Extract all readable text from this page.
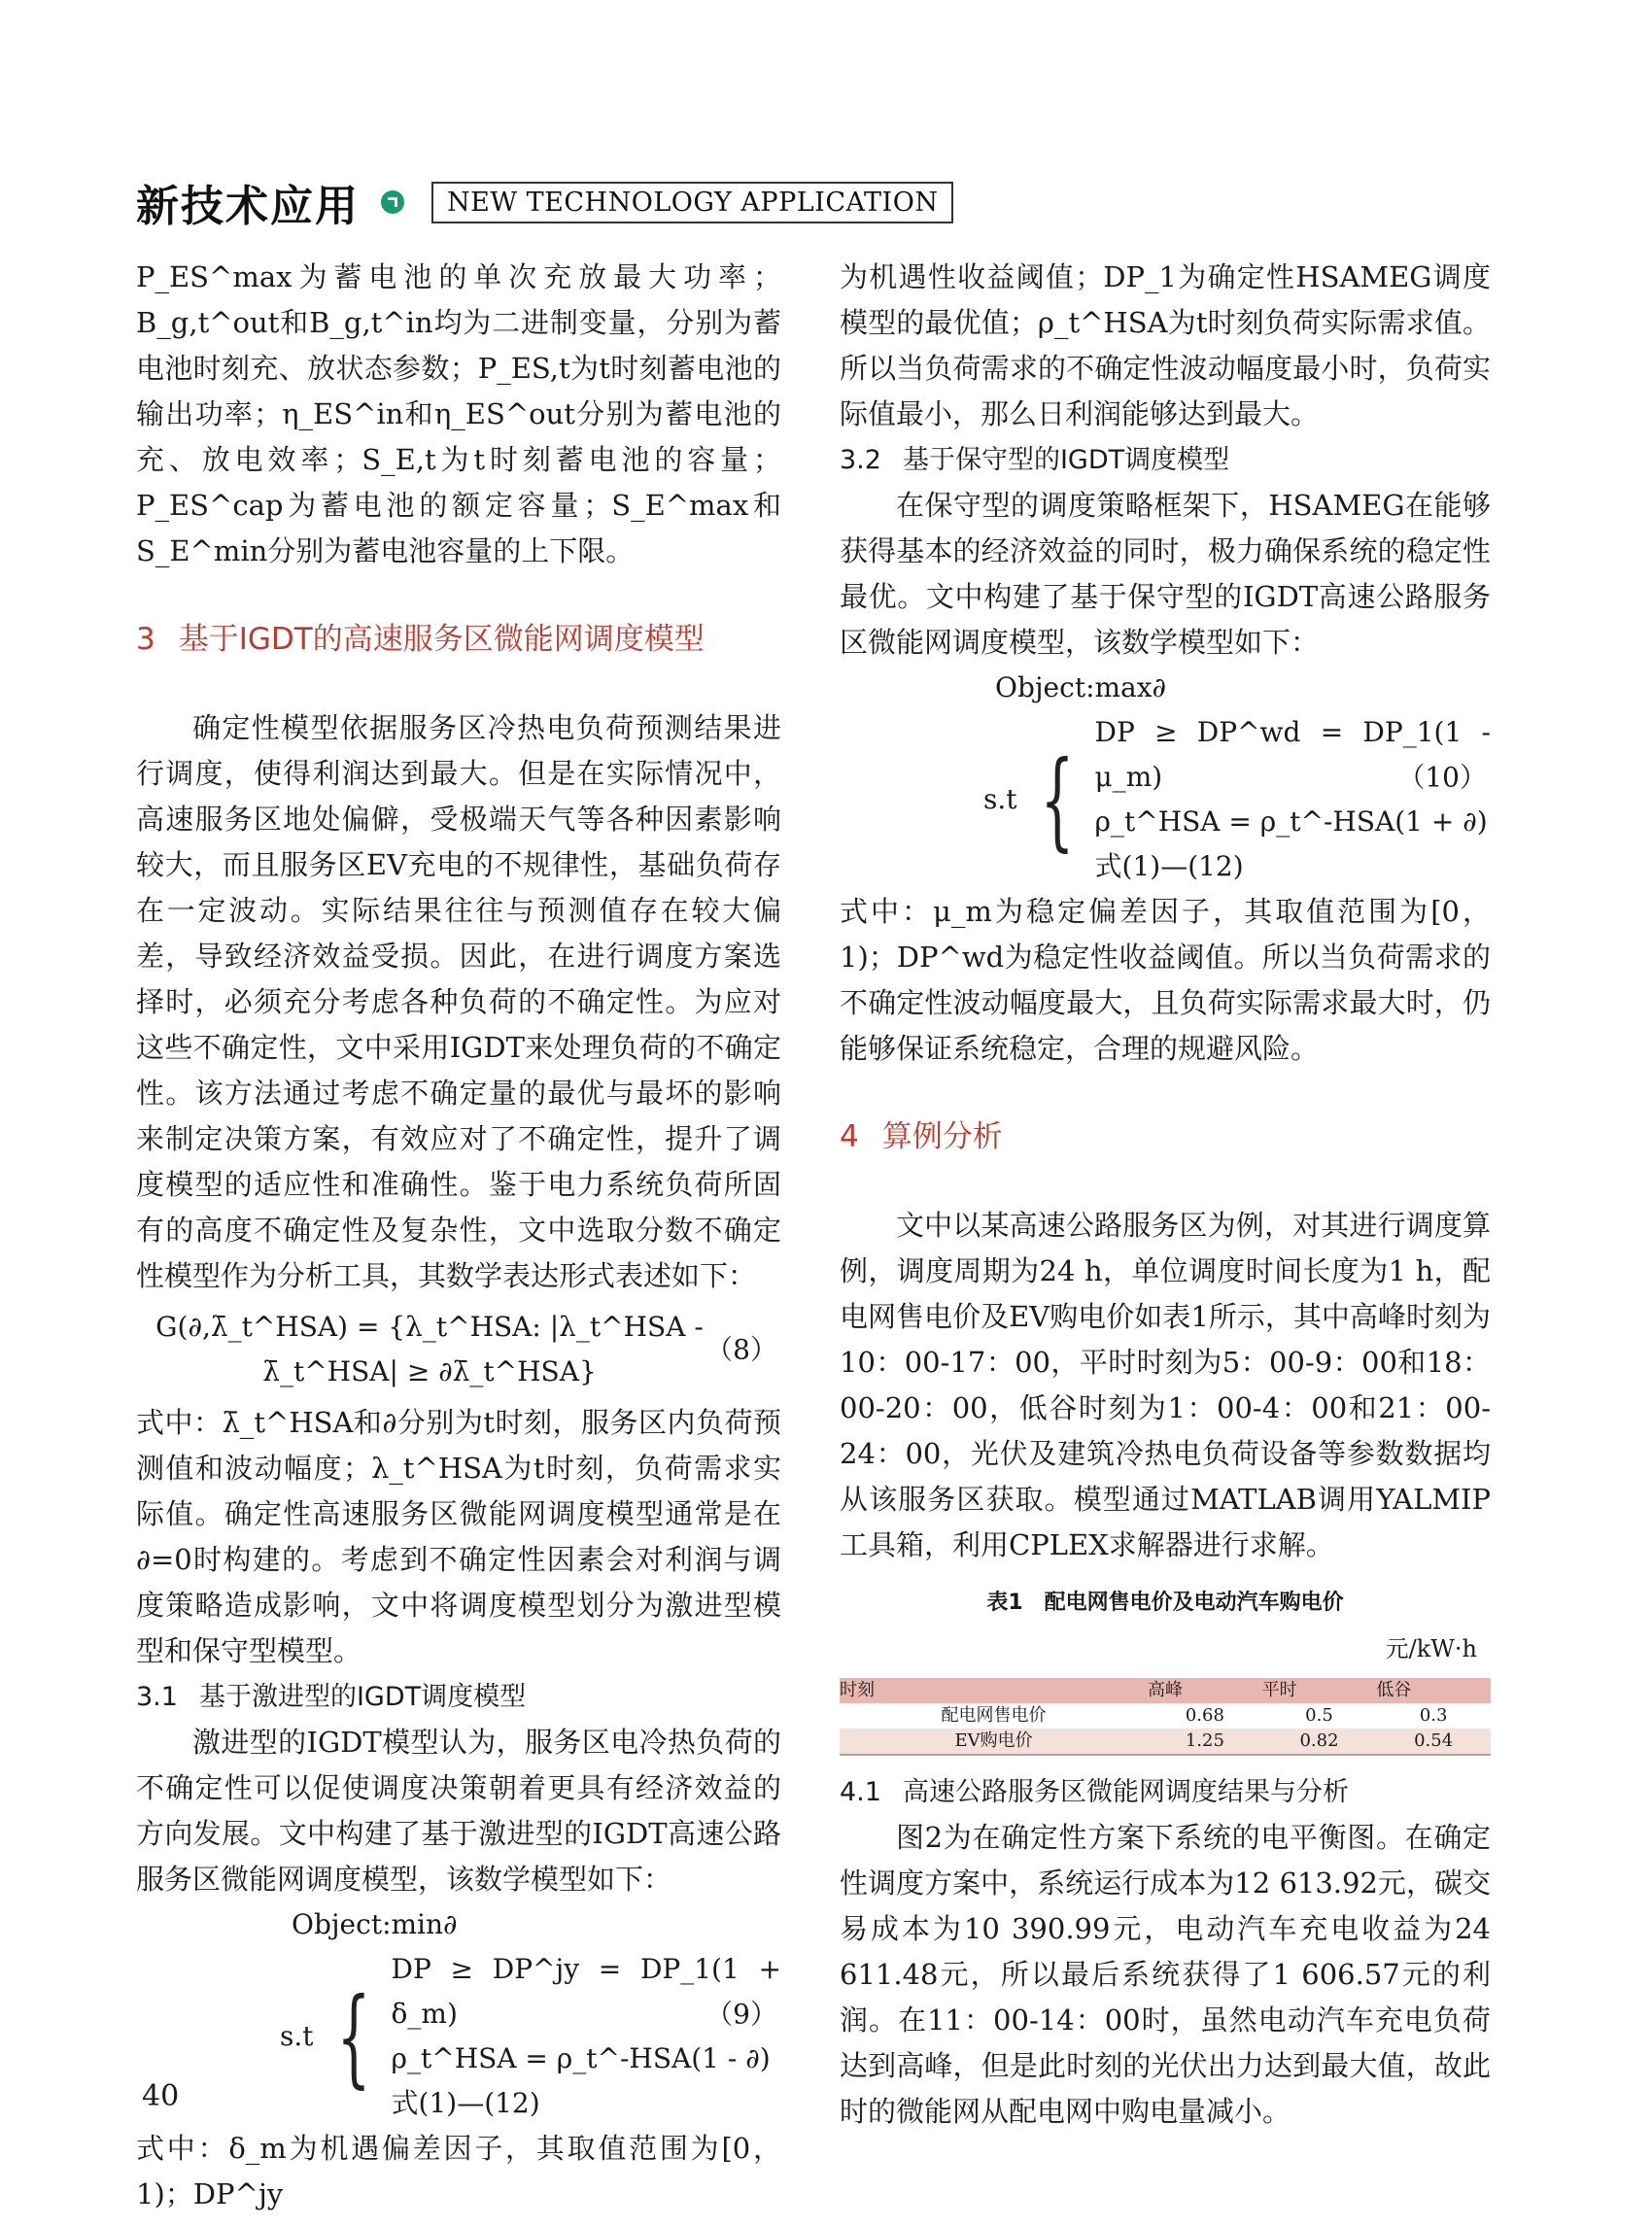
新技术应用	NEW TECHNOLOGY APPLICATION

P_ES^max为蓄电池的单次充放最大功率；B_g,t^out和B_g,t^in均为二进制变量，分别为蓄电池时刻充、放状态参数；P_ES,t为t时刻蓄电池的输出功率；η_ES^in和η_ES^out分别为蓄电池的充、放电效率；S_E,t为t时刻蓄电池的容量；P_ES^cap为蓄电池的额定容量；S_E^max和S_E^min分别为蓄电池容量的上下限。

3 基于IGDT的高速服务区微能网调度模型

确定性模型依据服务区冷热电负荷预测结果进行调度，使得利润达到最大。但是在实际情况中，高速服务区地处偏僻，受极端天气等各种因素影响较大，而且服务区EV充电的不规律性，基础负荷存在一定波动。实际结果往往与预测值存在较大偏差，导致经济效益受损。因此，在进行调度方案选择时，必须充分考虑各种负荷的不确定性。为应对这些不确定性，文中采用IGDT来处理负荷的不确定性。该方法通过考虑不确定量的最优与最坏的影响来制定决策方案，有效应对了不确定性，提升了调度模型的适应性和准确性。鉴于电力系统负荷所固有的高度不确定性及复杂性，文中选取分数不确定性模型作为分析工具，其数学表达形式表述如下：

G(∂,λ̄_t^HSA) = {λ_t^HSA: |λ_t^HSA - λ̄_t^HSA| ≥ ∂λ̄_t^HSA}

（8）

式中：λ̄_t^HSA和∂分别为t时刻，服务区内负荷预测值和波动幅度；λ_t^HSA为t时刻，负荷需求实际值。确定性高速服务区微能网调度模型通常是在∂=0时构建的。考虑到不确定性因素会对利润与调度策略造成影响，文中将调度模型划分为激进型模型和保守型模型。

3.1 基于激进型的IGDT调度模型

激进型的IGDT模型认为，服务区电冷热负荷的不确定性可以促使调度决策朝着更具有经济效益的方向发展。文中构建了基于激进型的IGDT高速公路服务区微能网调度模型，该数学模型如下：

Object:min∂

s.t {
DP ≥ DP^jy = DP_1(1 + δ_m)
ρ_t^HSA = ρ_t^-HSA(1 - ∂)
式(1)—(12)
（9）

式中：δ_m为机遇偏差因子，其取值范围为[0，1)；DP^jy

为机遇性收益阈值；DP_1为确定性HSAMEG调度模型的最优值；ρ_t^HSA为t时刻负荷实际需求值。所以当负荷需求的不确定性波动幅度最小时，负荷实际值最小，那么日利润能够达到最大。

3.2 基于保守型的IGDT调度模型

在保守型的调度策略框架下，HSAMEG在能够获得基本的经济效益的同时，极力确保系统的稳定性最优。文中构建了基于保守型的IGDT高速公路服务区微能网调度模型，该数学模型如下：

Object:max∂

s.t {
DP ≥ DP^wd = DP_1(1 - μ_m)
ρ_t^HSA = ρ_t^-HSA(1 + ∂)
式(1)—(12)
（10）

式中：μ_m为稳定偏差因子，其取值范围为[0，1)；DP^wd为稳定性收益阈值。所以当负荷需求的不确定性波动幅度最大，且负荷实际需求最大时，仍能够保证系统稳定，合理的规避风险。

4 算例分析

文中以某高速公路服务区为例，对其进行调度算例，调度周期为24 h，单位调度时间长度为1 h，配电网售电价及EV购电价如表1所示，其中高峰时刻为10：00-17：00，平时时刻为5：00-9：00和18：00-20：00，低谷时刻为1：00-4：00和21：00-24：00，光伏及建筑冷热电负荷设备等参数数据均从该服务区获取。模型通过MATLAB调用YALMIP工具箱，利用CPLEX求解器进行求解。

表1　配电网售电价及电动汽车购电价

元/kW·h

时刻	高峰	平时	低谷
配电网售电价	0.68	0.5	0.3
EV购电价	1.25	0.82	0.54

4.1 高速公路服务区微能网调度结果与分析

图2为在确定性方案下系统的电平衡图。在确定性调度方案中，系统运行成本为12 613.92元，碳交易成本为10 390.99元，电动汽车充电收益为24 611.48元，所以最后系统获得了1 606.57元的利润。在11：00-14：00时，虽然电动汽车充电负荷达到高峰，但是此时刻的光伏出力达到最大值，故此时的微能网从配电网中购电量减小。

40
